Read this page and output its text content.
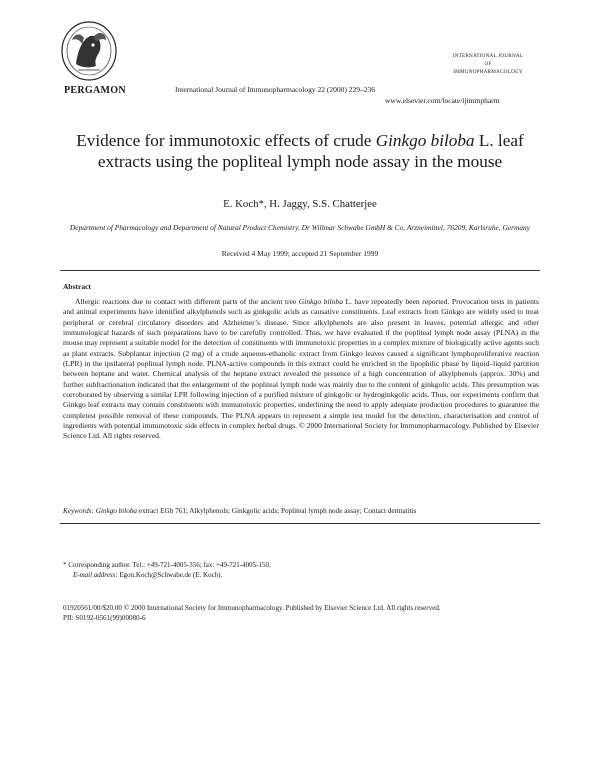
PERGAMON	International Journal of Immunopharmacology 22 (2000) 229–236
www.elsevier.com/locate/ijimmpharm
INTERNATIONAL JOURNAL
OF
IMMUNOPHARMACOLOGY
Evidence for immunotoxic effects of crude Ginkgo biloba L. leaf extracts using the popliteal lymph node assay in the mouse
E. Koch*, H. Jaggy, S.S. Chatterjee
Department of Pharmacology and Department of Natural Product Chemistry, Dr Willmar Schwabe GmbH & Co, Arzneimittel, 76209, Karlsruhe, Germany
Received 4 May 1999; accepted 21 September 1999
Abstract
Allergic reactions due to contact with different parts of the ancient tree Ginkgo biloba L. have repeatedly been reported. Provocation tests in patients and animal experiments have identified alkylphenols such as ginkgolic acids as causative constituents. Leaf extracts from Ginkgo are widely used to treat peripheral or cerebral circulatory disorders and Alzheimer’s disease. Since alkylphenols are also present in leaves, potential allergic and other immunological hazards of such preparations have to be carefully controlled. Thus, we have evaluated if the popliteal lymph node assay (PLNA) in the mouse may represent a suitable model for the detection of constituents with immunotoxic properties in a complex mixture of biologically active agents such as plant extracts. Subplantar injection (2 mg) of a crude aqueous-ethanolic extract from Ginkgo leaves caused a significant lymphoproliferative reaction (LPR) in the ipsilateral popliteal lymph node. PLNA-active compounds in this extract could be enriched in the lipophilic phase by liquid–liquid partition between heptane and water. Chemical analysis of the heptane extract revealed the presence of a high concentration of alkylphenols (approx. 30%) and further subfractionation indicated that the enlargement of the popliteal lymph node was mainly due to the content of ginkgolic acids. This presumption was corroborated by observing a similar LPR following injection of a purified mixture of ginkgolic or hydroginkgolic acids. Thus, our experiments confirm that Ginkgo leaf extracts may contain constituents with immunotoxic properties, underlining the need to apply adequate production procedures to guarantee the completest possible removal of these compounds. The PLNA appears to represent a simple test model for the detection, characterisation and control of ingredients with potential immunotoxic side effects in complex herbal drugs. © 2000 International Society for Immunopharmacology. Published by Elsevier Science Ltd. All rights reserved.
Keywords: Ginkgo biloba extract EGb 761; Alkylphenols; Ginkgolic acids; Popliteal lymph node assay; Contact dermatitis
* Corresponding author. Tel.: +49-721-4005-356; fax: +49-721-4005-150.
E-mail address: Egon.Koch@Schwabe.de (E. Koch).
01920561/00/$20.00 © 2000 International Society for Immunopharmacology. Published by Elsevier Science Ltd. All rights reserved.
PII: S0192-0561(99)00080-6
